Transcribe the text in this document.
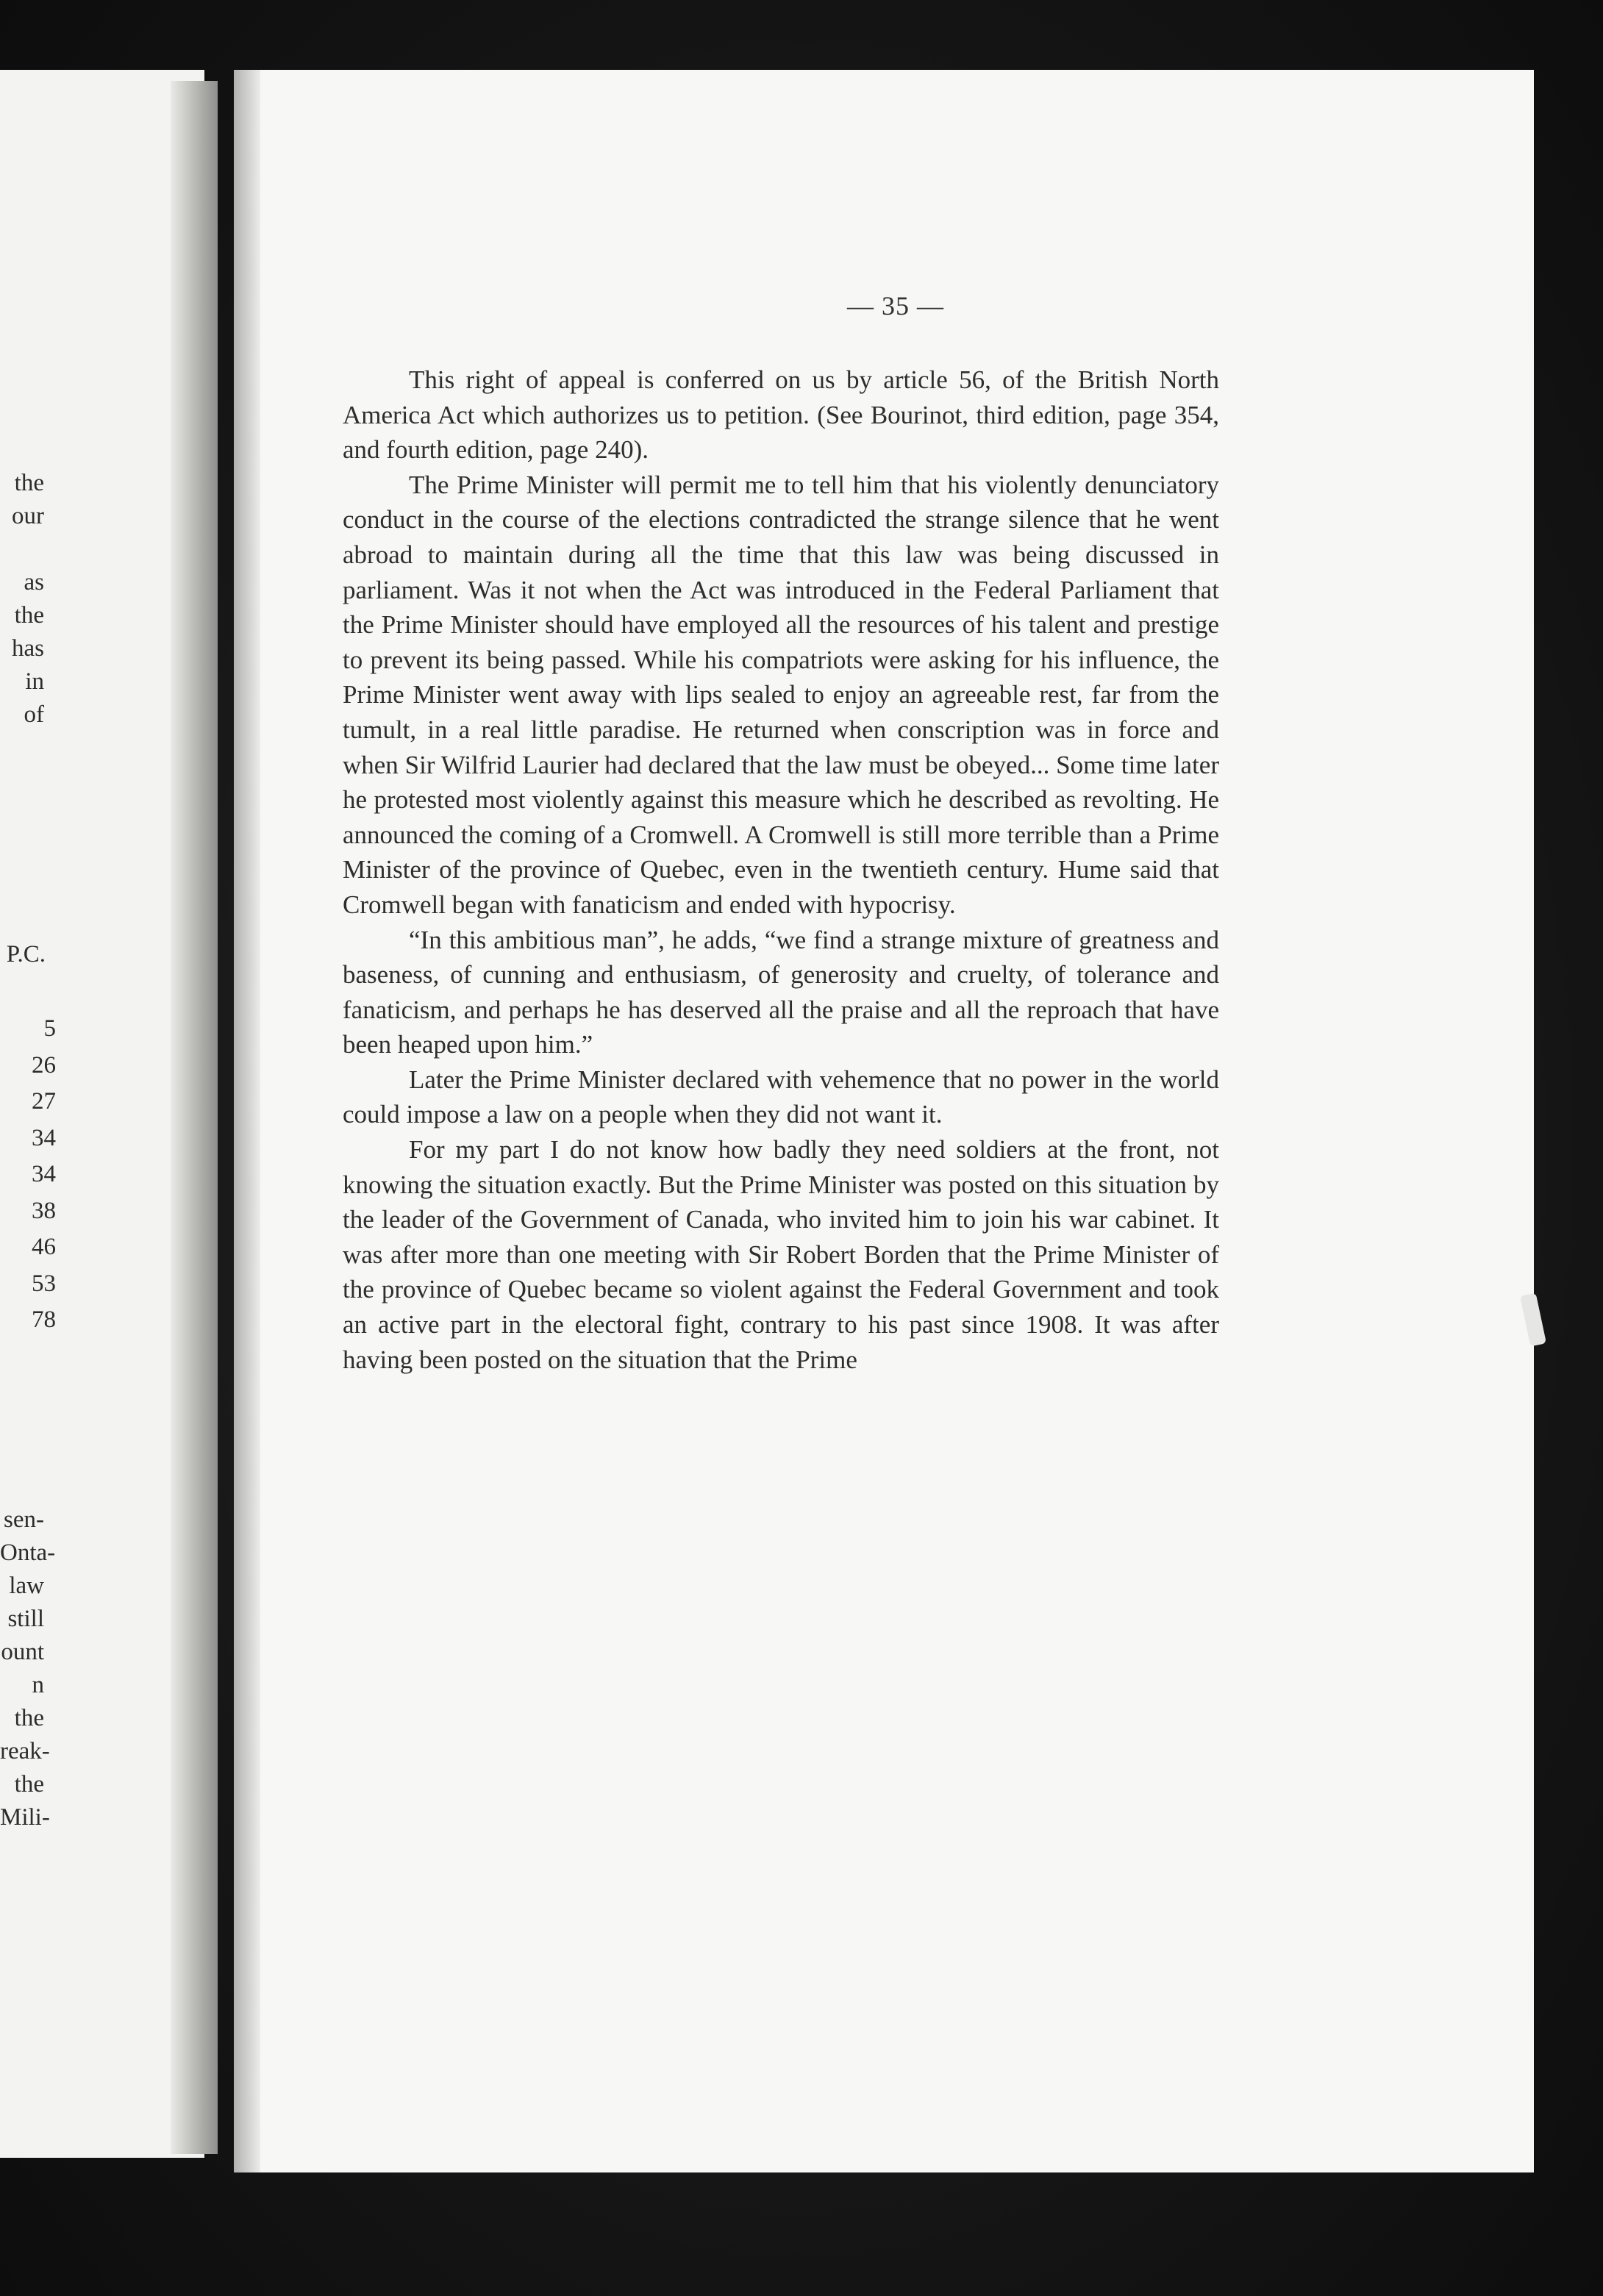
the
our
as
the
has
in
of
P.C.
5
26
27
34
34
38
46
53
78
sen-
Onta-
law
still
ount
n the
reak-
the
Mili-
— 35 —

This right of appeal is conferred on us by article 56, of the British North America Act which authorizes us to petition. (See Bourinot, third edition, page 354, and fourth edition, page 240).

The Prime Minister will permit me to tell him that his violently denunciatory conduct in the course of the elections contradicted the strange silence that he went abroad to maintain during all the time that this law was being discussed in parliament. Was it not when the Act was introduced in the Federal Parliament that the Prime Minister should have employed all the resources of his talent and prestige to prevent its being passed. While his compatriots were asking for his influence, the Prime Minister went away with lips sealed to enjoy an agreeable rest, far from the tumult, in a real little paradise. He returned when conscription was in force and when Sir Wilfrid Laurier had declared that the law must be obeyed... Some time later he protested most violently against this measure which he described as revolting. He announced the coming of a Cromwell. A Cromwell is still more terrible than a Prime Minister of the province of Quebec, even in the twentieth century. Hume said that Cromwell began with fanaticism and ended with hypocrisy.

“In this ambitious man”, he adds, “we find a strange mixture of greatness and baseness, of cunning and enthusiasm, of generosity and cruelty, of tolerance and fanaticism, and perhaps he has deserved all the praise and all the reproach that have been heaped upon him.”

Later the Prime Minister declared with vehemence that no power in the world could impose a law on a people when they did not want it.

For my part I do not know how badly they need soldiers at the front, not knowing the situation exactly. But the Prime Minister was posted on this situation by the leader of the Government of Canada, who invited him to join his war cabinet. It was after more than one meeting with Sir Robert Borden that the Prime Minister of the province of Quebec became so violent against the Federal Government and took an active part in the electoral fight, contrary to his past since 1908. It was after having been posted on the situation that the Prime
